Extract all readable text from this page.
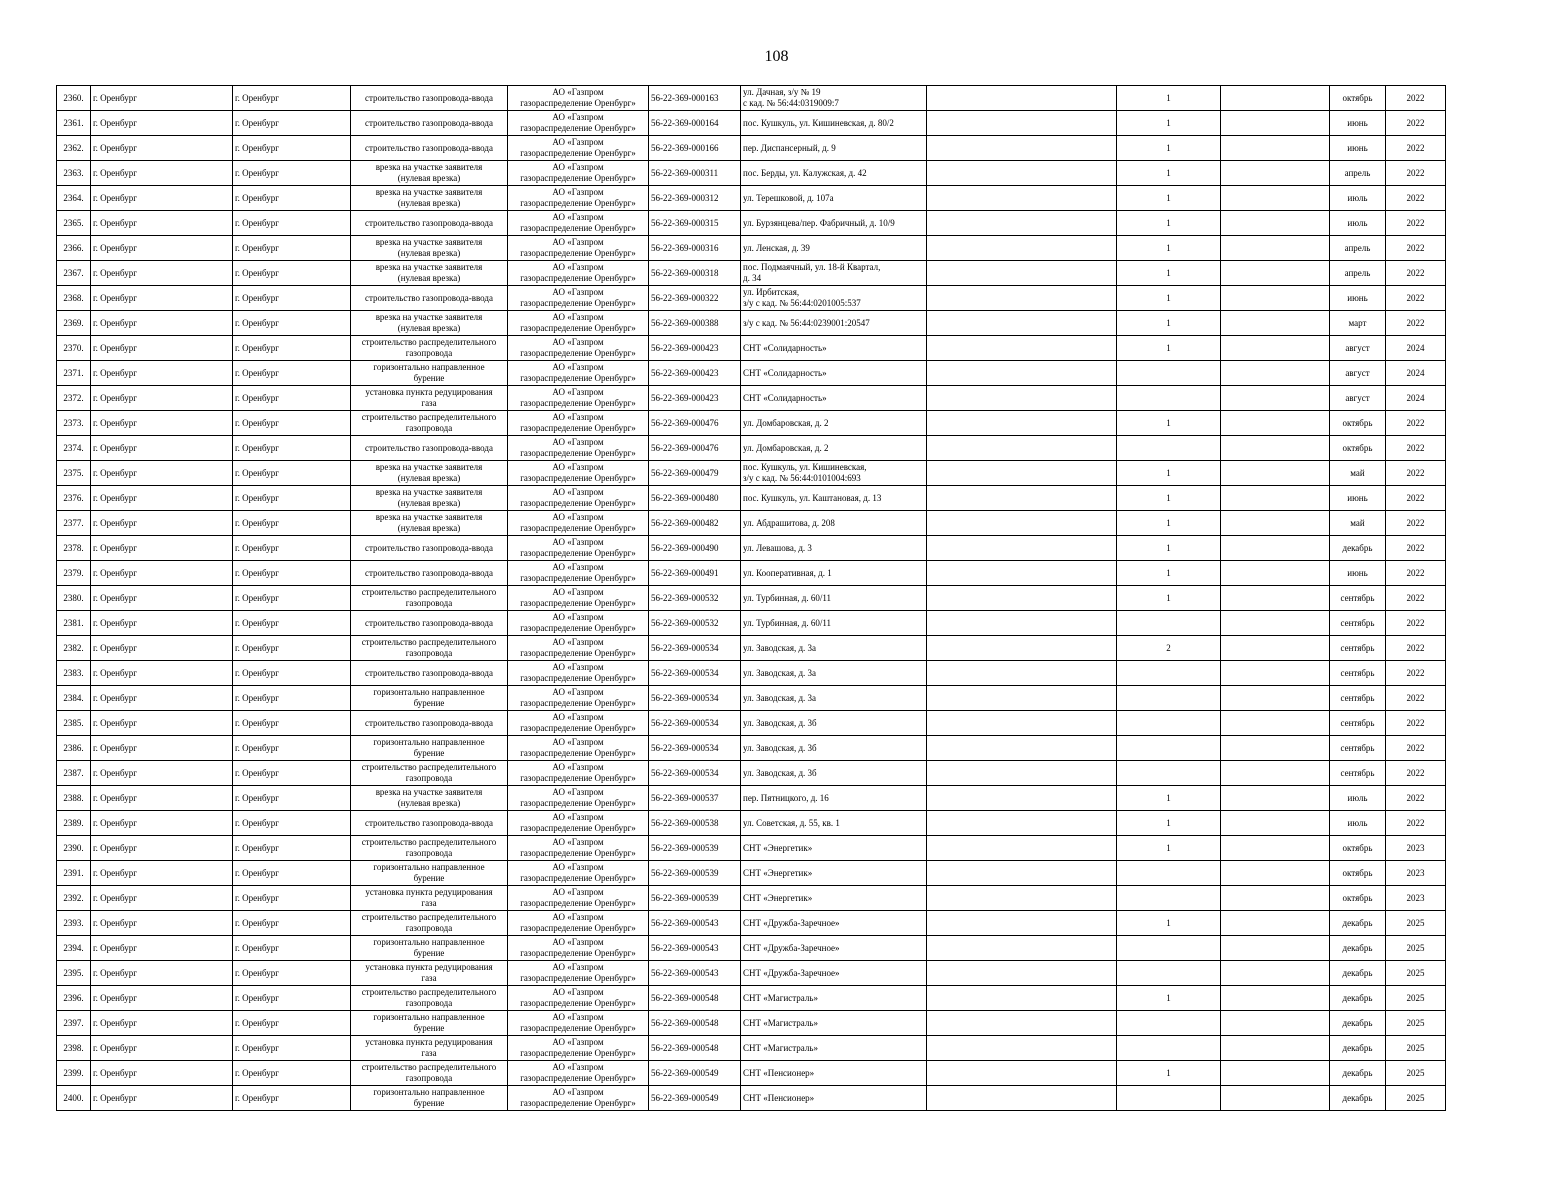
108
2360.	г. Оренбург	г. Оренбург	строительство газопровода-ввода	АО «Газпром
газораспределение Оренбург»	56-22-369-000163	ул. Дачная, з/у № 19
с кад. № 56:44:0319009:7		1		октябрь	2022
2361.	г. Оренбург	г. Оренбург	строительство газопровода-ввода	АО «Газпром
газораспределение Оренбург»	56-22-369-000164	пос. Кушкуль, ул. Кишиневская, д. 80/2		1		июнь	2022
2362.	г. Оренбург	г. Оренбург	строительство газопровода-ввода	АО «Газпром
газораспределение Оренбург»	56-22-369-000166	пер. Диспансерный, д. 9		1		июнь	2022
2363.	г. Оренбург	г. Оренбург	врезка на участке заявителя
(нулевая врезка)	АО «Газпром
газораспределение Оренбург»	56-22-369-000311	пос. Берды, ул. Калужская, д. 42		1		апрель	2022
2364.	г. Оренбург	г. Оренбург	врезка на участке заявителя
(нулевая врезка)	АО «Газпром
газораспределение Оренбург»	56-22-369-000312	ул. Терешковой, д. 107а		1		июль	2022
2365.	г. Оренбург	г. Оренбург	строительство газопровода-ввода	АО «Газпром
газораспределение Оренбург»	56-22-369-000315	ул. Бурзянцева/пер. Фабричный, д. 10/9		1		июль	2022
2366.	г. Оренбург	г. Оренбург	врезка на участке заявителя
(нулевая врезка)	АО «Газпром
газораспределение Оренбург»	56-22-369-000316	ул. Ленская, д. 39		1		апрель	2022
2367.	г. Оренбург	г. Оренбург	врезка на участке заявителя
(нулевая врезка)	АО «Газпром
газораспределение Оренбург»	56-22-369-000318	пос. Подмаячный, ул. 18-й Квартал,
д. 34		1		апрель	2022
2368.	г. Оренбург	г. Оренбург	строительство газопровода-ввода	АО «Газпром
газораспределение Оренбург»	56-22-369-000322	ул. Ирбитская,
з/у с кад. № 56:44:0201005:537		1		июнь	2022
2369.	г. Оренбург	г. Оренбург	врезка на участке заявителя
(нулевая врезка)	АО «Газпром
газораспределение Оренбург»	56-22-369-000388	з/у с кад. № 56:44:0239001:20547		1		март	2022
2370.	г. Оренбург	г. Оренбург	строительство распределительного
газопровода	АО «Газпром
газораспределение Оренбург»	56-22-369-000423	СНТ «Солидарность»		1		август	2024
2371.	г. Оренбург	г. Оренбург	горизонтально направленное
бурение	АО «Газпром
газораспределение Оренбург»	56-22-369-000423	СНТ «Солидарность»				август	2024
2372.	г. Оренбург	г. Оренбург	установка пункта редуцирования
газа	АО «Газпром
газораспределение Оренбург»	56-22-369-000423	СНТ «Солидарность»				август	2024
2373.	г. Оренбург	г. Оренбург	строительство распределительного
газопровода	АО «Газпром
газораспределение Оренбург»	56-22-369-000476	ул. Домбаровская, д. 2		1		октябрь	2022
2374.	г. Оренбург	г. Оренбург	строительство газопровода-ввода	АО «Газпром
газораспределение Оренбург»	56-22-369-000476	ул. Домбаровская, д. 2				октябрь	2022
2375.	г. Оренбург	г. Оренбург	врезка на участке заявителя
(нулевая врезка)	АО «Газпром
газораспределение Оренбург»	56-22-369-000479	пос. Кушкуль, ул. Кишиневская,
з/у с кад. № 56:44:0101004:693		1		май	2022
2376.	г. Оренбург	г. Оренбург	врезка на участке заявителя
(нулевая врезка)	АО «Газпром
газораспределение Оренбург»	56-22-369-000480	пос. Кушкуль, ул. Каштановая, д. 13		1		июнь	2022
2377.	г. Оренбург	г. Оренбург	врезка на участке заявителя
(нулевая врезка)	АО «Газпром
газораспределение Оренбург»	56-22-369-000482	ул. Абдрашитова, д. 208		1		май	2022
2378.	г. Оренбург	г. Оренбург	строительство газопровода-ввода	АО «Газпром
газораспределение Оренбург»	56-22-369-000490	ул. Левашова, д. 3		1		декабрь	2022
2379.	г. Оренбург	г. Оренбург	строительство газопровода-ввода	АО «Газпром
газораспределение Оренбург»	56-22-369-000491	ул. Кооперативная, д. 1		1		июнь	2022
2380.	г. Оренбург	г. Оренбург	строительство распределительного
газопровода	АО «Газпром
газораспределение Оренбург»	56-22-369-000532	ул. Турбинная, д. 60/11		1		сентябрь	2022
2381.	г. Оренбург	г. Оренбург	строительство газопровода-ввода	АО «Газпром
газораспределение Оренбург»	56-22-369-000532	ул. Турбинная, д. 60/11				сентябрь	2022
2382.	г. Оренбург	г. Оренбург	строительство распределительного
газопровода	АО «Газпром
газораспределение Оренбург»	56-22-369-000534	ул. Заводская, д. 3а		2		сентябрь	2022
2383.	г. Оренбург	г. Оренбург	строительство газопровода-ввода	АО «Газпром
газораспределение Оренбург»	56-22-369-000534	ул. Заводская, д. 3а				сентябрь	2022
2384.	г. Оренбург	г. Оренбург	горизонтально направленное
бурение	АО «Газпром
газораспределение Оренбург»	56-22-369-000534	ул. Заводская, д. 3а				сентябрь	2022
2385.	г. Оренбург	г. Оренбург	строительство газопровода-ввода	АО «Газпром
газораспределение Оренбург»	56-22-369-000534	ул. Заводская, д. 3б				сентябрь	2022
2386.	г. Оренбург	г. Оренбург	горизонтально направленное
бурение	АО «Газпром
газораспределение Оренбург»	56-22-369-000534	ул. Заводская, д. 3б				сентябрь	2022
2387.	г. Оренбург	г. Оренбург	строительство распределительного
газопровода	АО «Газпром
газораспределение Оренбург»	56-22-369-000534	ул. Заводская, д. 3б				сентябрь	2022
2388.	г. Оренбург	г. Оренбург	врезка на участке заявителя
(нулевая врезка)	АО «Газпром
газораспределение Оренбург»	56-22-369-000537	пер. Пятницкого, д. 16		1		июль	2022
2389.	г. Оренбург	г. Оренбург	строительство газопровода-ввода	АО «Газпром
газораспределение Оренбург»	56-22-369-000538	ул. Советская, д. 55, кв. 1		1		июль	2022
2390.	г. Оренбург	г. Оренбург	строительство распределительного
газопровода	АО «Газпром
газораспределение Оренбург»	56-22-369-000539	СНТ «Энергетик»		1		октябрь	2023
2391.	г. Оренбург	г. Оренбург	горизонтально направленное
бурение	АО «Газпром
газораспределение Оренбург»	56-22-369-000539	СНТ «Энергетик»				октябрь	2023
2392.	г. Оренбург	г. Оренбург	установка пункта редуцирования
газа	АО «Газпром
газораспределение Оренбург»	56-22-369-000539	СНТ «Энергетик»				октябрь	2023
2393.	г. Оренбург	г. Оренбург	строительство распределительного
газопровода	АО «Газпром
газораспределение Оренбург»	56-22-369-000543	СНТ «Дружба-Заречное»		1		декабрь	2025
2394.	г. Оренбург	г. Оренбург	горизонтально направленное
бурение	АО «Газпром
газораспределение Оренбург»	56-22-369-000543	СНТ «Дружба-Заречное»				декабрь	2025
2395.	г. Оренбург	г. Оренбург	установка пункта редуцирования
газа	АО «Газпром
газораспределение Оренбург»	56-22-369-000543	СНТ «Дружба-Заречное»				декабрь	2025
2396.	г. Оренбург	г. Оренбург	строительство распределительного
газопровода	АО «Газпром
газораспределение Оренбург»	56-22-369-000548	СНТ «Магистраль»		1		декабрь	2025
2397.	г. Оренбург	г. Оренбург	горизонтально направленное
бурение	АО «Газпром
газораспределение Оренбург»	56-22-369-000548	СНТ «Магистраль»				декабрь	2025
2398.	г. Оренбург	г. Оренбург	установка пункта редуцирования
газа	АО «Газпром
газораспределение Оренбург»	56-22-369-000548	СНТ «Магистраль»				декабрь	2025
2399.	г. Оренбург	г. Оренбург	строительство распределительного
газопровода	АО «Газпром
газораспределение Оренбург»	56-22-369-000549	СНТ «Пенсионер»		1		декабрь	2025
2400.	г. Оренбург	г. Оренбург	горизонтально направленное
бурение	АО «Газпром
газораспределение Оренбург»	56-22-369-000549	СНТ «Пенсионер»				декабрь	2025
